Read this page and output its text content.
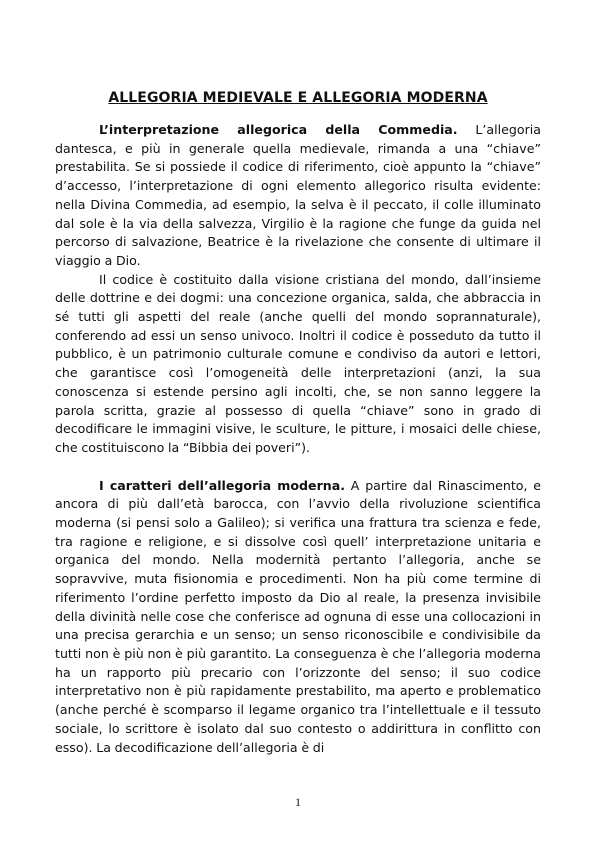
ALLEGORIA MEDIEVALE E ALLEGORIA MODERNA

L’interpretazione allegorica della Commedia. L’allegoria dantesca, e più in generale quella medievale, rimanda a una “chiave” prestabilita. Se si possiede il codice di riferimento, cioè appunto la “chiave” d’accesso, l’interpretazione di ogni elemento allegorico risulta evidente: nella Divina Commedia, ad esempio, la selva è il peccato, il colle illuminato dal sole è la via della salvezza, Virgilio è la ragione che funge da guida nel percorso di salvazione, Beatrice è la rivelazione che consente di ultimare il viaggio a Dio.

Il codice è costituito dalla visione cristiana del mondo, dall’insieme delle dottrine e dei dogmi: una concezione organica, salda, che abbraccia in sé tutti gli aspetti del reale (anche quelli del mondo soprannaturale), conferendo ad essi un senso univoco. Inoltri il codice è posseduto da tutto il pubblico, è un patrimonio culturale comune e condiviso da autori e lettori, che garantisce così l’omogeneità delle interpretazioni (anzi, la sua conoscenza si estende persino agli incolti, che, se non sanno leggere la parola scritta, grazie al possesso di quella “chiave” sono in grado di decodificare le immagini visive, le sculture, le pitture, i mosaici delle chiese, che costituiscono la “Bibbia dei poveri”).

I caratteri dell’allegoria moderna. A partire dal Rinascimento, e ancora di più dall’età barocca, con l’avvio della rivoluzione scientifica moderna (si pensi solo a Galileo); si verifica una frattura tra scienza e fede, tra ragione e religione, e si dissolve così quell’ interpretazione unitaria e organica del mondo. Nella modernità pertanto l’allegoria, anche se sopravvive, muta fisionomia e procedimenti. Non ha più come termine di riferimento l’ordine perfetto imposto da Dio al reale, la presenza invisibile della divinità nelle cose che conferisce ad ognuna di esse una collocazioni in una precisa gerarchia e un senso; un senso riconoscibile e condivisibile da tutti non è più non è più garantito. La conseguenza è che l’allegoria moderna ha un rapporto più precario con l’orizzonte del senso; il suo codice interpretativo non è più rapidamente prestabilito, ma aperto e problematico (anche perché è scomparso il legame organico tra l’intellettuale e il tessuto sociale, lo scrittore è isolato dal suo contesto o addirittura in conflitto con esso). La decodificazione dell’allegoria è di

1
